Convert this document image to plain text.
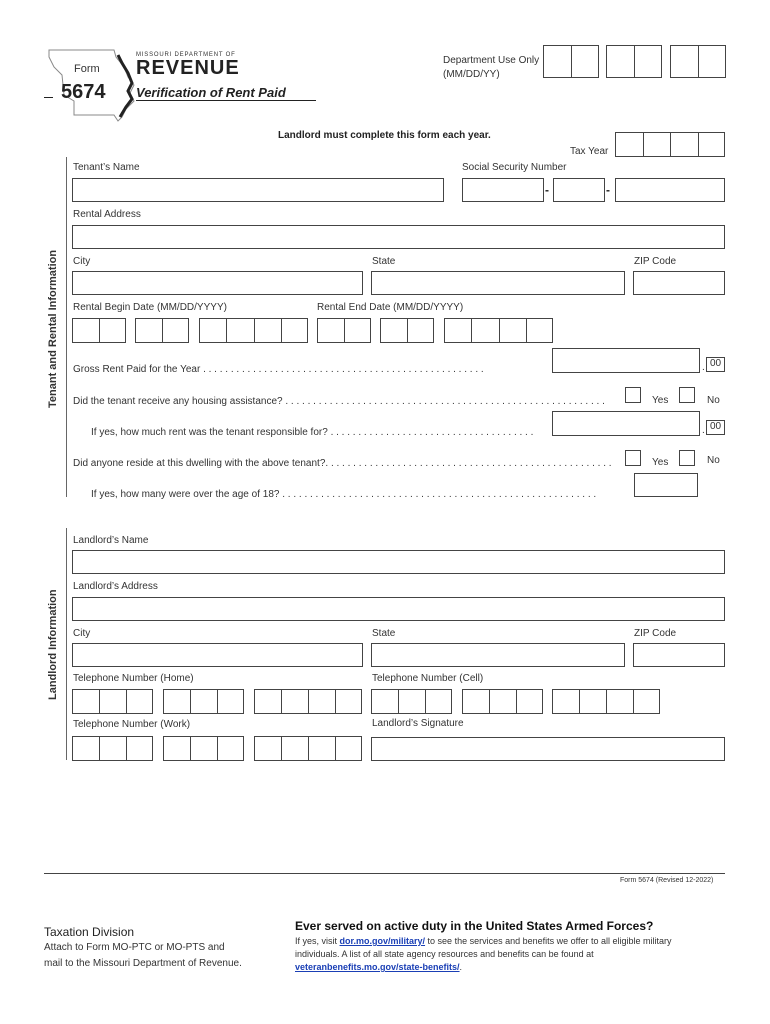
Form
5674
MISSOURI DEPARTMENT OF
REVENUE
Verification of Rent Paid
Department Use Only
(MM/DD/YY)
Landlord must complete this form each year.
Tax Year
Tenant and Rental Information
Tenant’s Name	Social Security Number
-	-
Rental Address
City	State	ZIP Code
Rental Begin Date (MM/DD/YYYY)	Rental End Date (MM/DD/YYYY)
Gross Rent Paid for the Year . . . . . . . . . . . . . . . . . . . . . . . . . . . . . . . . . . . . . . . . . . . . . . . . . . .	. 00
Did the tenant receive any housing assistance? . . . . . . . . . . . . . . . . . . . . . . . . . . . . . . . . . . . . . . . . . . . . . . . . . . . . . . . . . .	Yes	No
If yes, how much rent was the tenant responsible for? . . . . . . . . . . . . . . . . . . . . . . . . . . . . . . . . . . . . .	. 00
Did anyone reside at this dwelling with the above tenant?. . . . . . . . . . . . . . . . . . . . . . . . . . . . . . . . . . . . . . . . . . . . . . . . . . . .	Yes	No
If yes, how many were over the age of 18? . . . . . . . . . . . . . . . . . . . . . . . . . . . . . . . . . . . . . . . . . . . . . . . . . . . . . . . . .
Landlord Information
Landlord’s Name
Landlord’s Address
City	State	ZIP Code
Telephone Number (Home)	Telephone Number (Cell)
Telephone Number (Work)	Landlord’s Signature
Form 5674 (Revised 12-2022)
Taxation Division
Attach to Form MO-PTC or MO-PTS and
mail to the Missouri Department of Revenue.
Ever served on active duty in the United States Armed Forces?
If yes, visit dor.mo.gov/military/ to see the services and benefits we offer to all eligible military individuals. A list of all state agency resources and benefits can be found at veteranbenefits.mo.gov/state-benefits/.
